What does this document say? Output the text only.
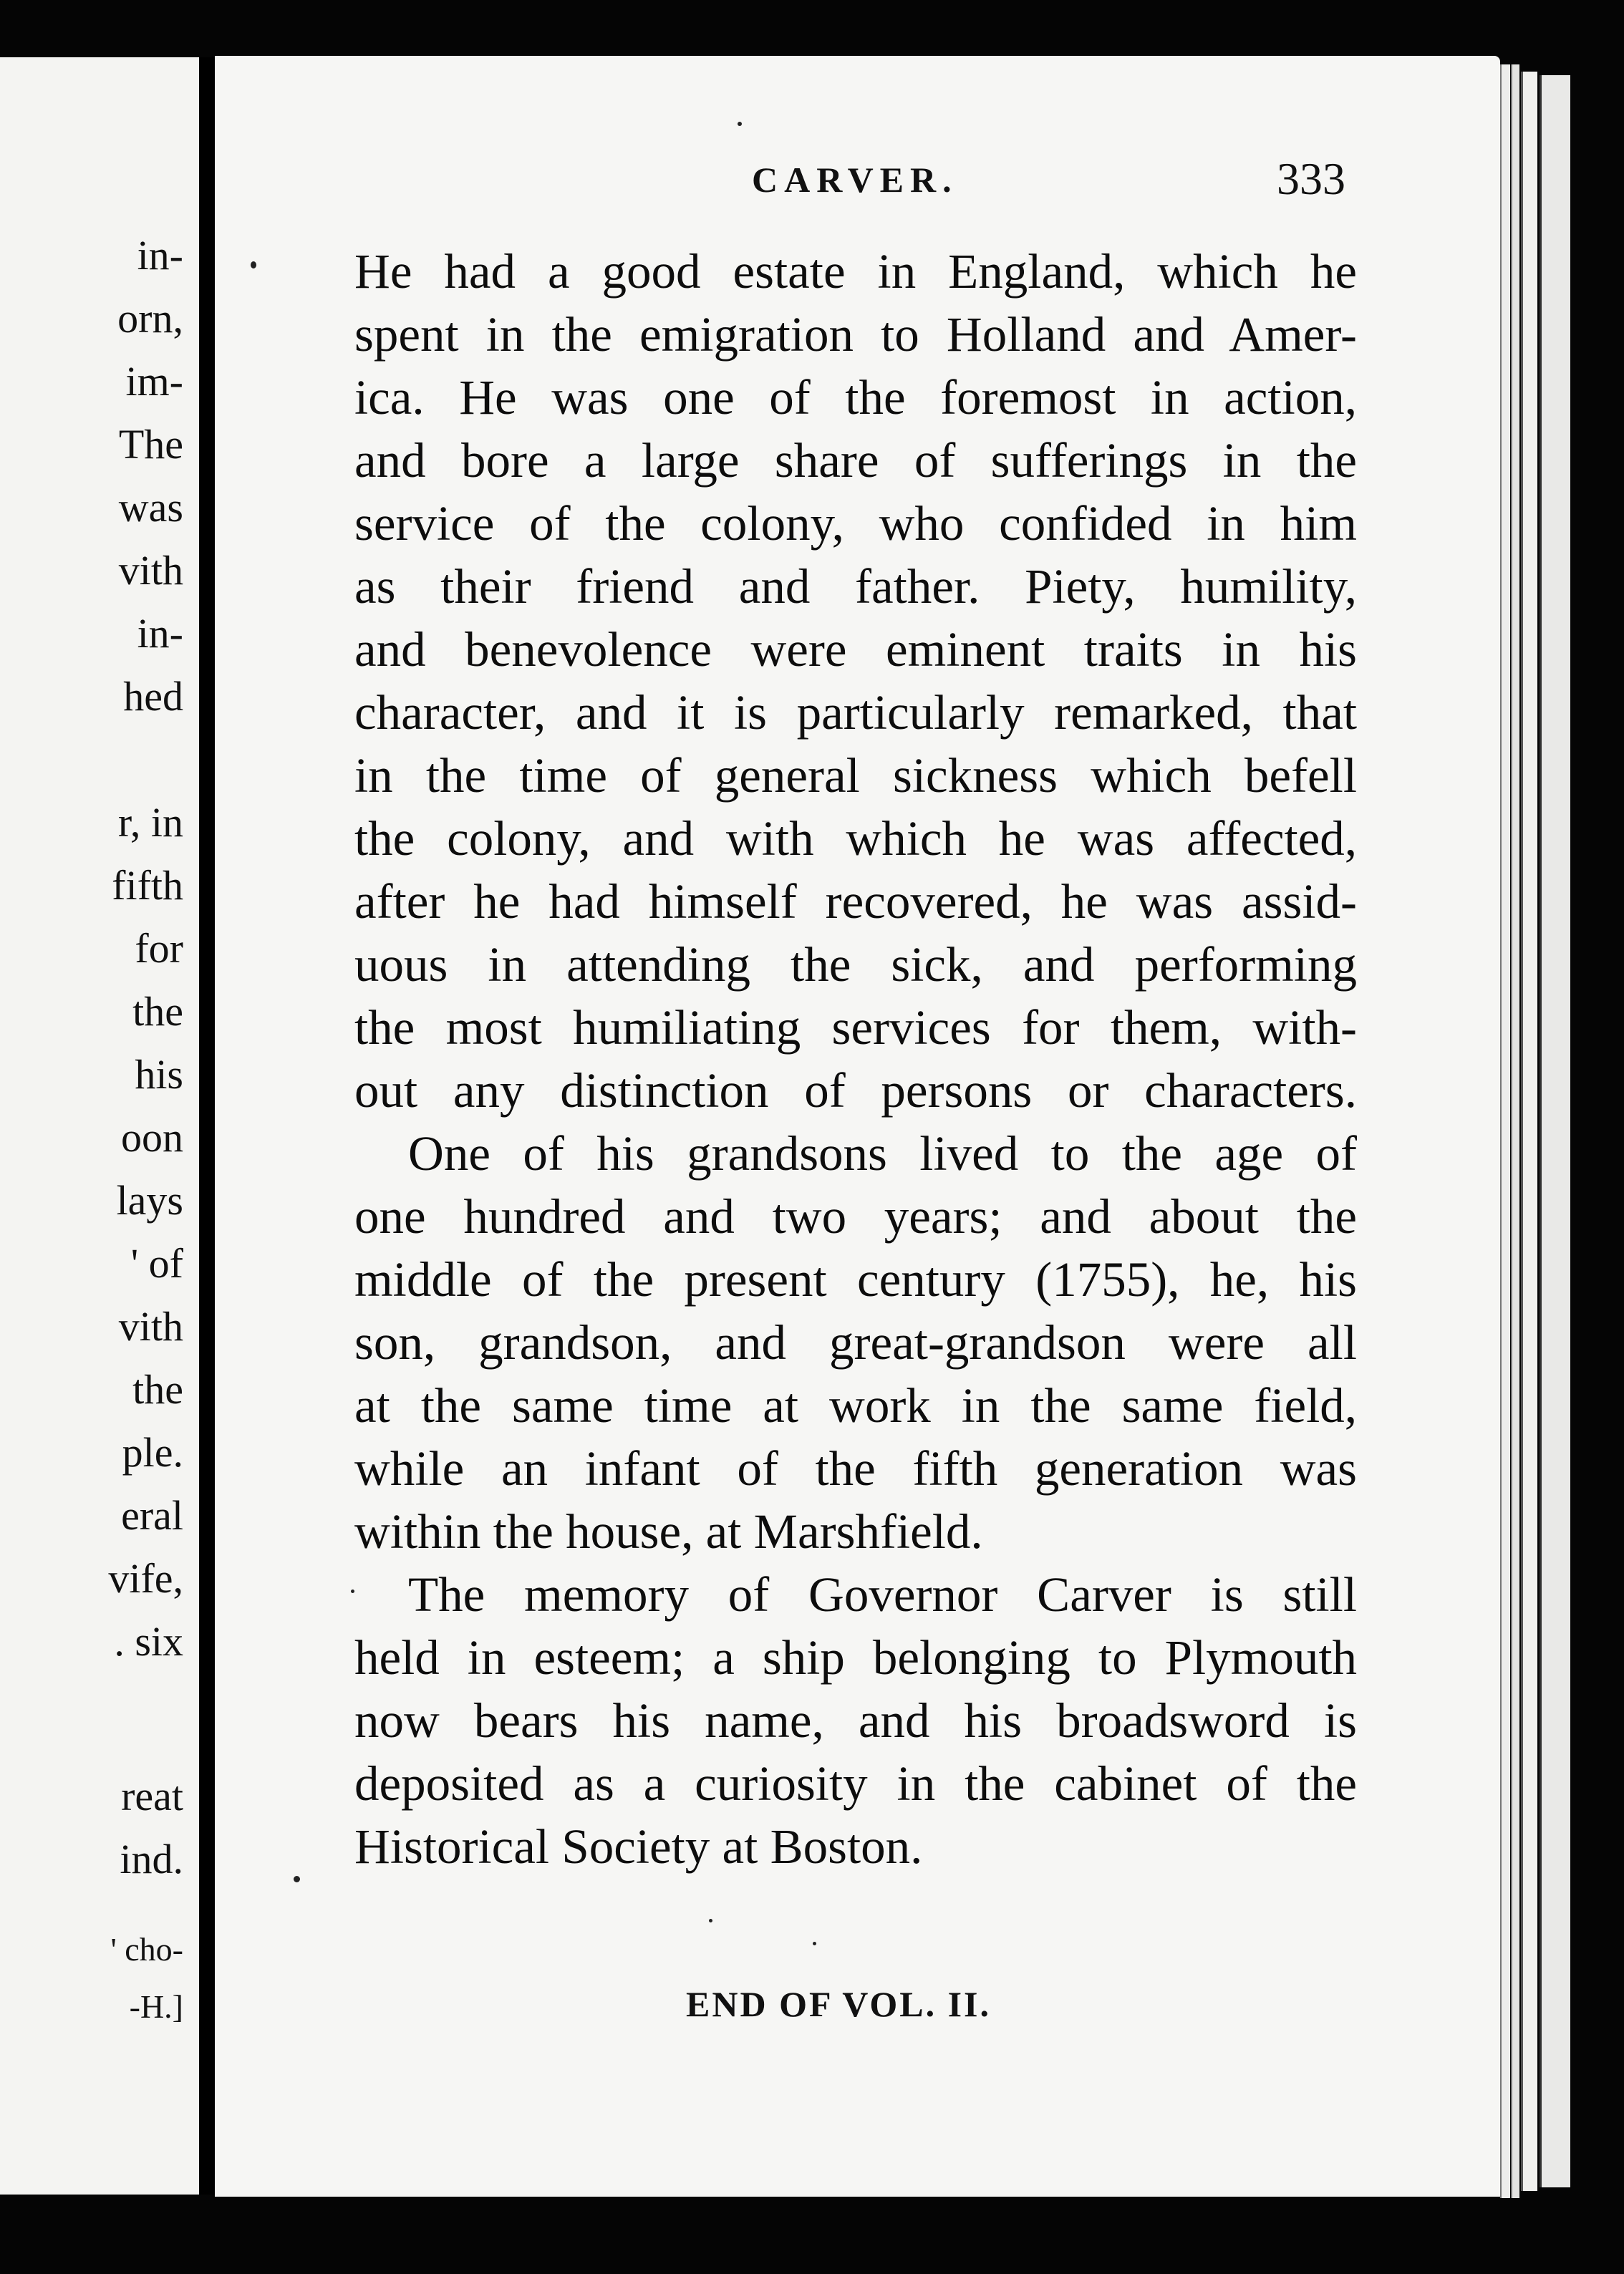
in-
orn,
im-
The
was
vith
in-
hed
r, in
fifth
for
the
his
oon
lays
' of
vith
the
ple.
eral
vife,
. six
reat
ind.
' cho-
-H.]
CARVER.	333
He had a good estate in England, which he
spent in the emigration to Holland and Amer-
ica. He was one of the foremost in action,
and bore a large share of sufferings in the
service of the colony, who confided in him
as their friend and father. Piety, humility,
and benevolence were eminent traits in his
character, and it is particularly remarked, that
in the time of general sickness which befell
the colony, and with which he was affected,
after he had himself recovered, he was assid-
uous in attending the sick, and performing
the most humiliating services for them, with-
out any distinction of persons or characters.
One of his grandsons lived to the age of
one hundred and two years; and about the
middle of the present century (1755), he, his
son, grandson, and great-grandson were all
at the same time at work in the same field,
while an infant of the fifth generation was
within the house, at Marshfield.
The memory of Governor Carver is still
held in esteem; a ship belonging to Plymouth
now bears his name, and his broadsword is
deposited as a curiosity in the cabinet of the
Historical Society at Boston.
END OF VOL. II.
